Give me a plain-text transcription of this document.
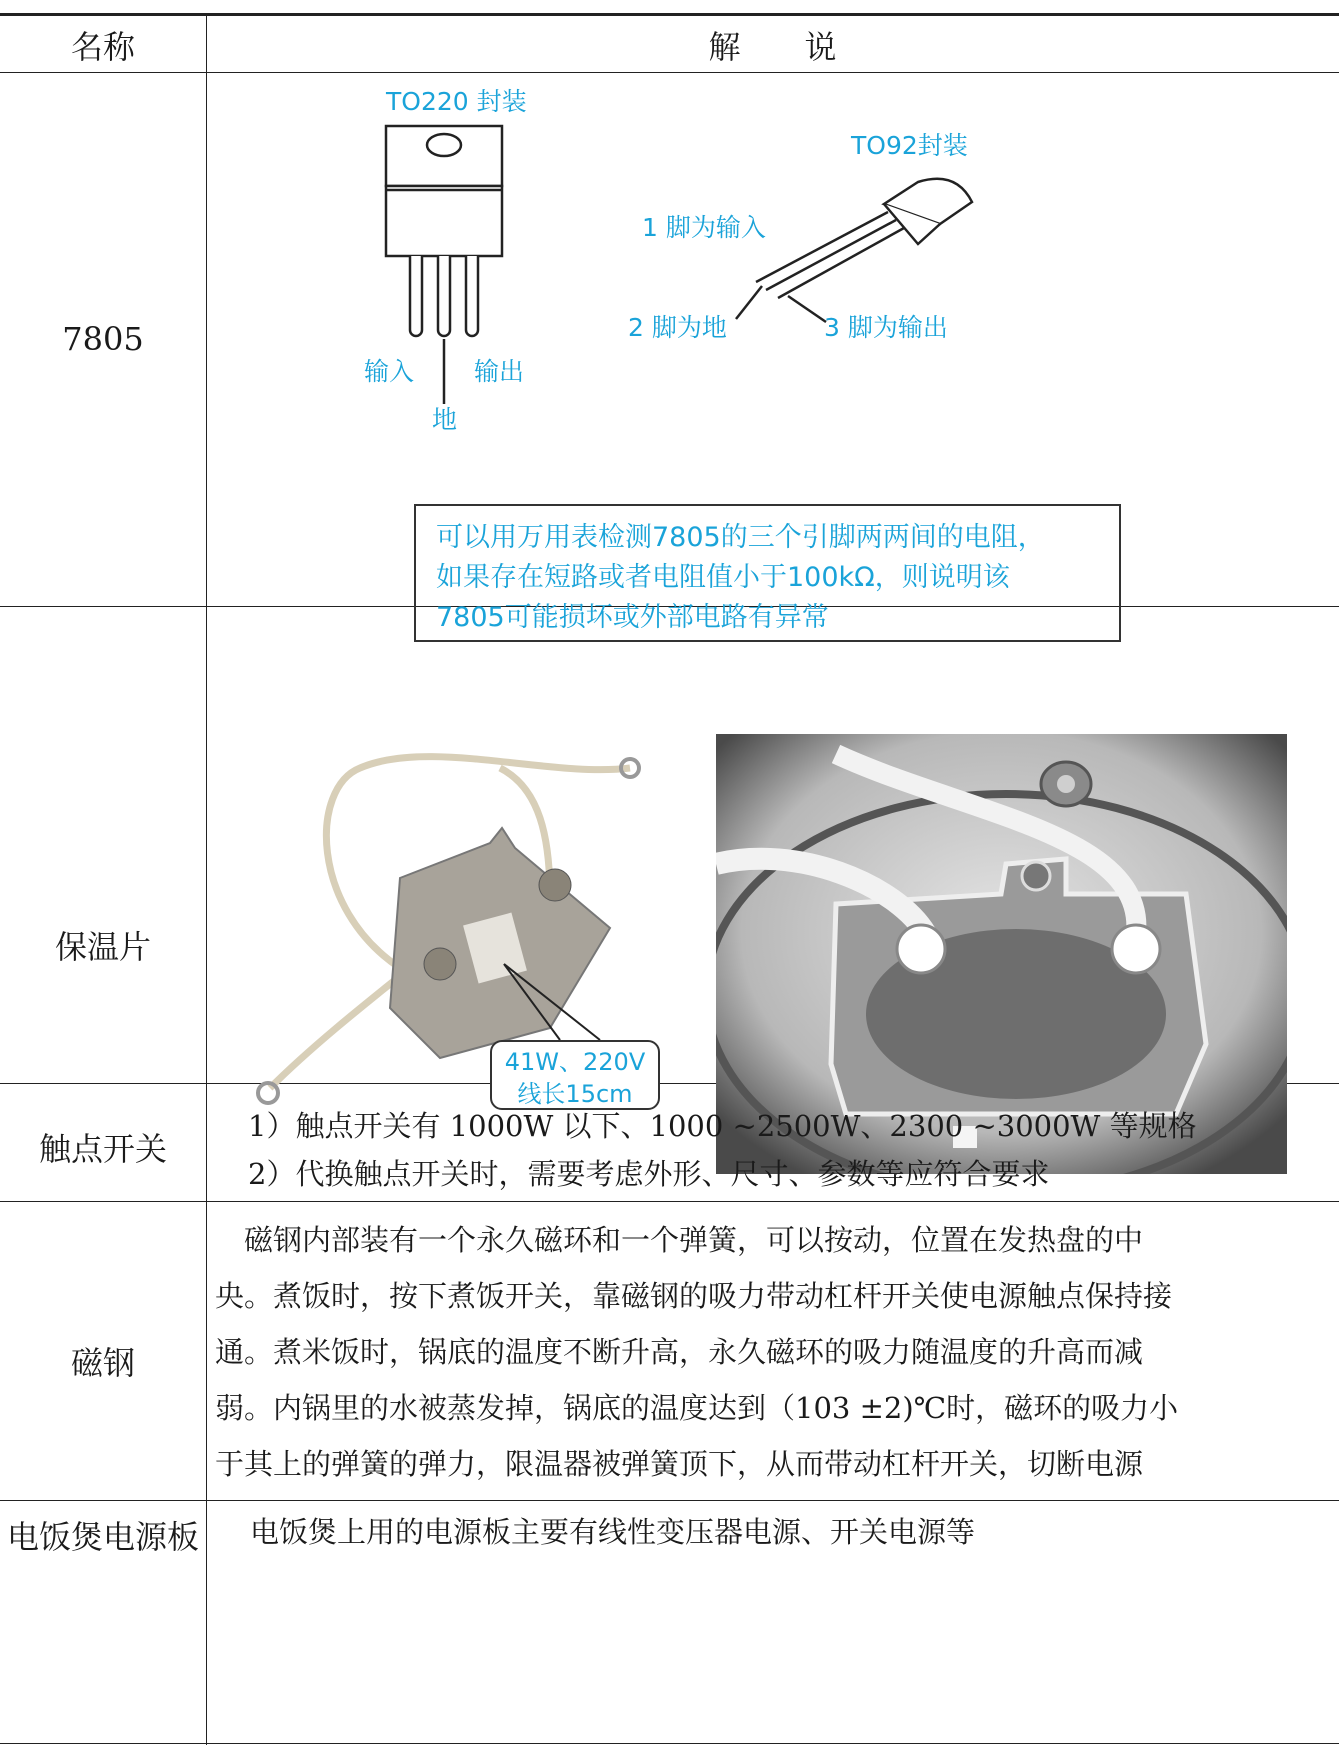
名称	解　　说
7805
TO220 封装
输入 输出
地
TO92封装
1 脚为输入
2 脚为地	3 脚为输出
可以用万用表检测7805的三个引脚两两间的电阻，
如果存在短路或者电阻值小于100kΩ，则说明该
7805可能损坏或外部电路有异常
保温片
41W、220V
线长15cm
触点开关
1）触点开关有 1000W 以下、1000 ~2500W、2300 ~3000W 等规格
2）代换触点开关时，需要考虑外形、尺寸、参数等应符合要求
磁钢
　磁钢内部装有一个永久磁环和一个弹簧，可以按动，位置在发热盘的中
央。煮饭时，按下煮饭开关，靠磁钢的吸力带动杠杆开关使电源触点保持接
通。煮米饭时，锅底的温度不断升高，永久磁环的吸力随温度的升高而减
弱。内锅里的水被蒸发掉，锅底的温度达到（103 ±2)℃时，磁环的吸力小
于其上的弹簧的弹力，限温器被弹簧顶下，从而带动杠杆开关，切断电源
电饭煲电源板 电饭煲上用的电源板主要有线性变压器电源、开关电源等
